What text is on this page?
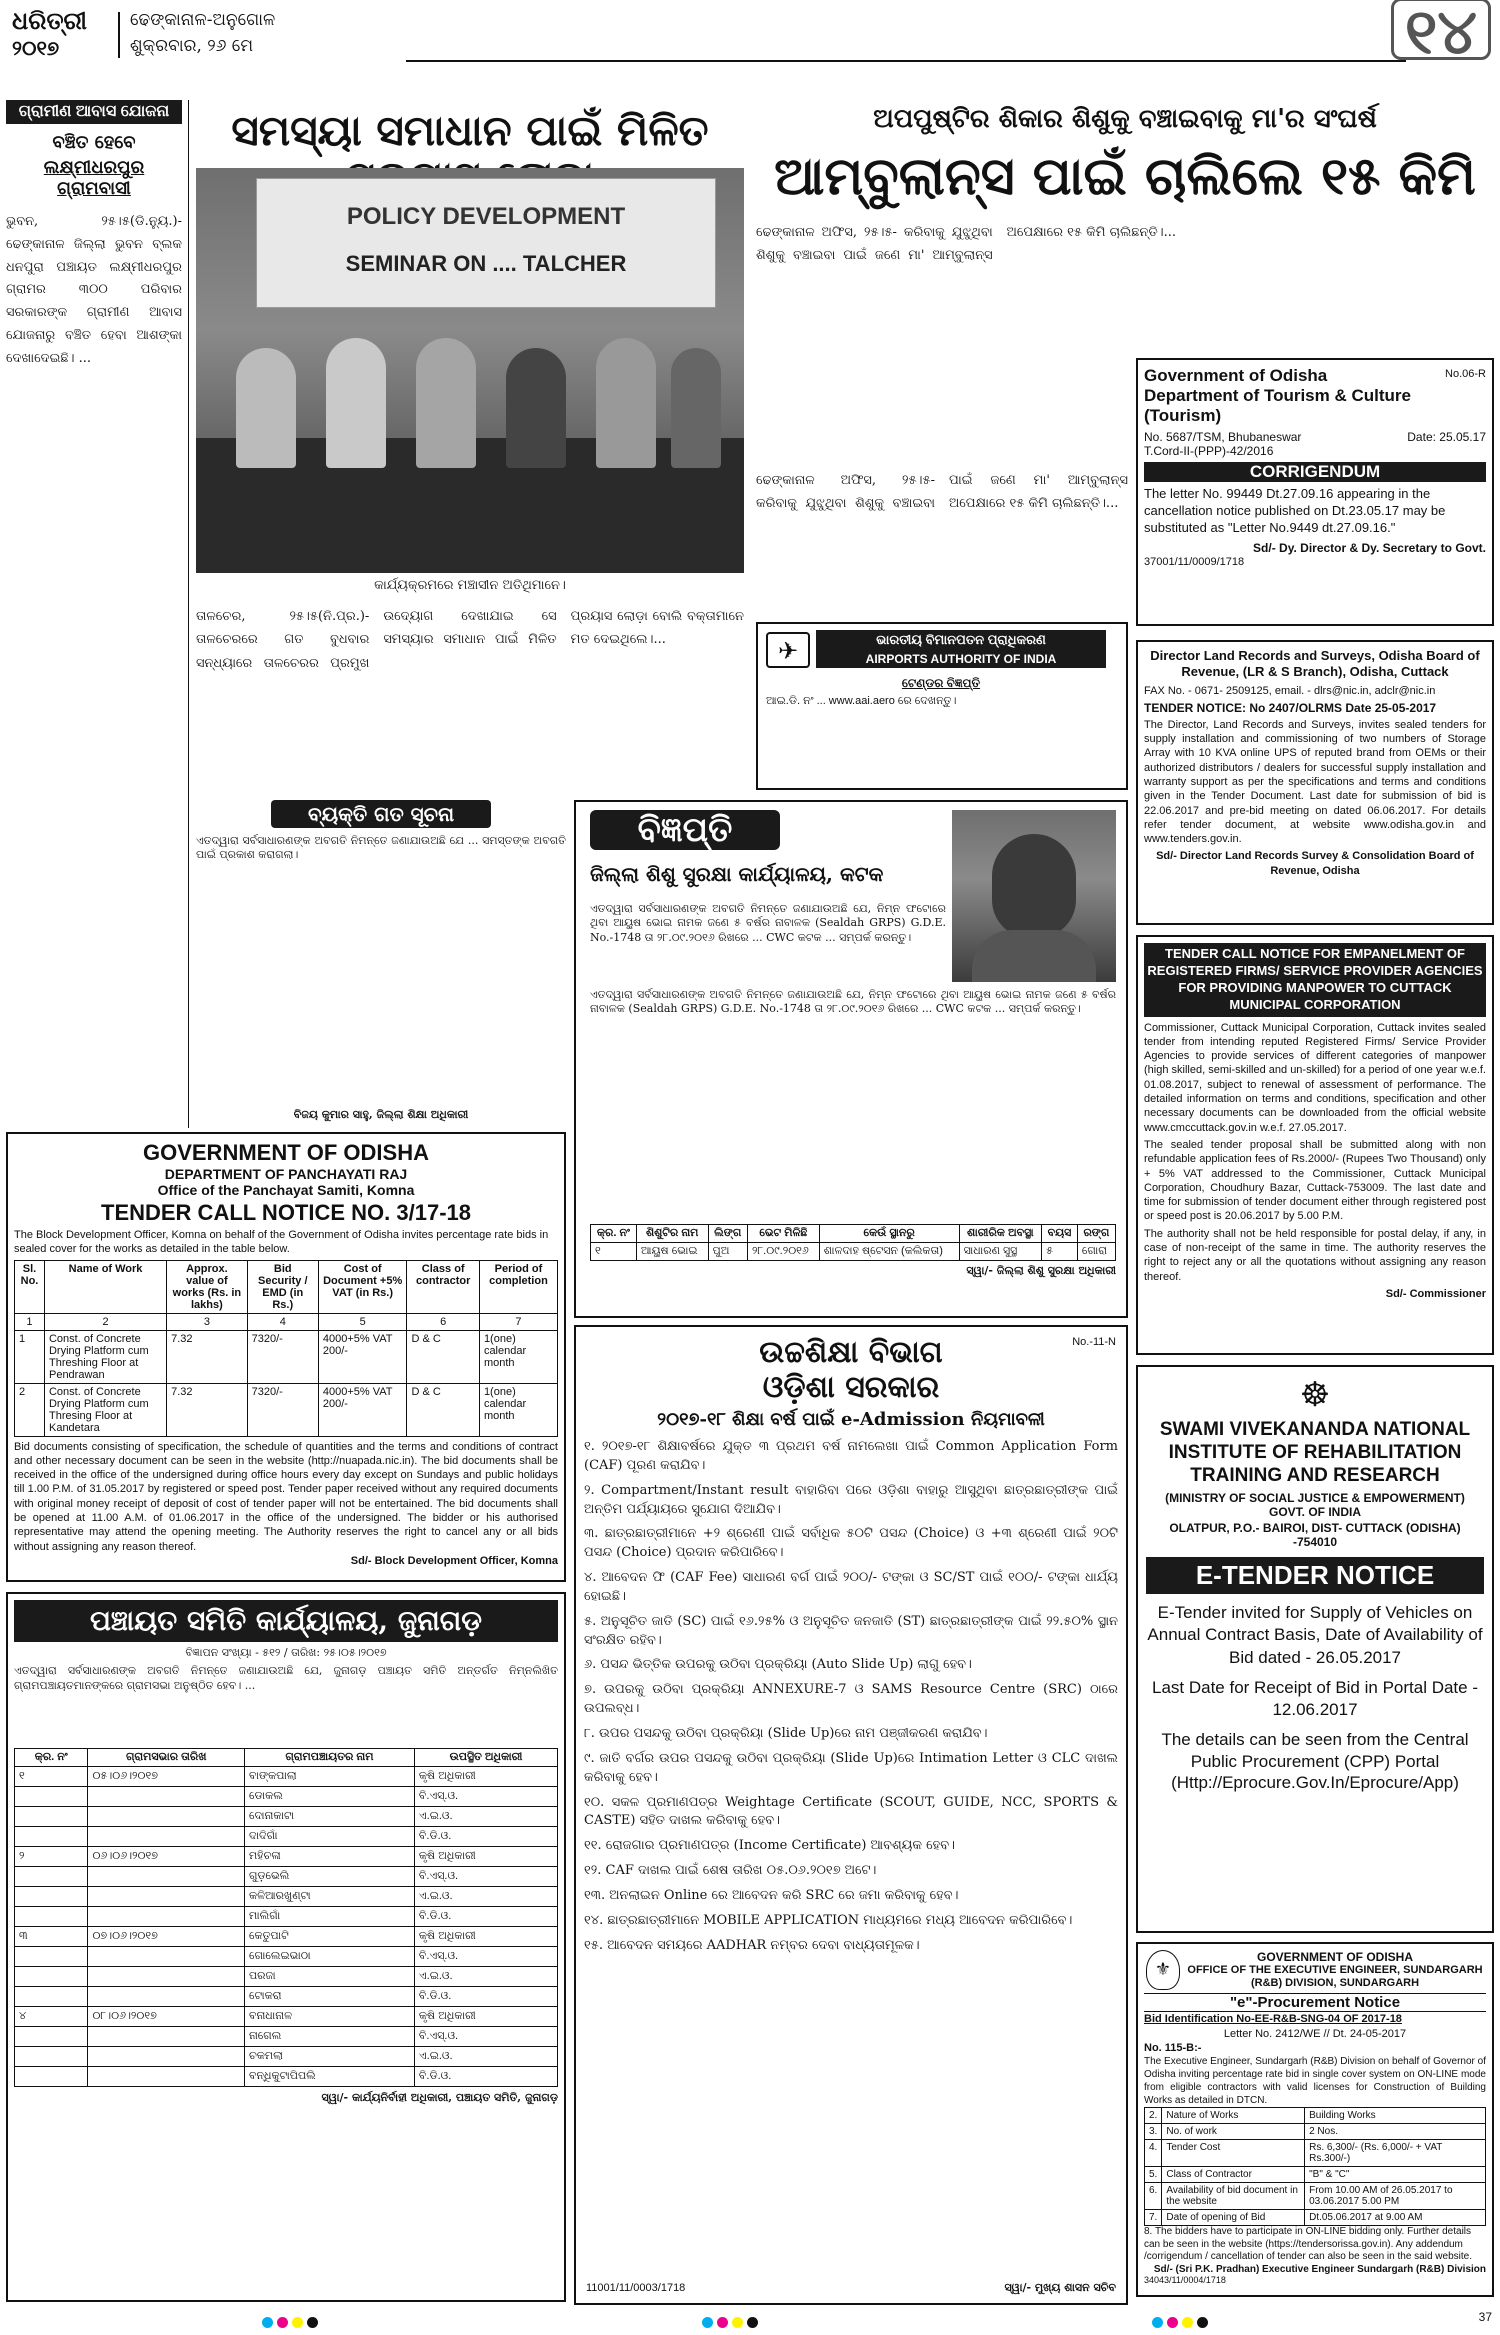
ଧରିତ୍ରୀ
୨୦୧୭
ଢେଙ୍କାନାଳ-ଅନୁଗୋଳ
ଶୁକ୍ରବାର, ୨୬ ମେ	୧୪
ଗ୍ରାମୀଣ ଆବାସ ଯୋଜନା
ବଞ୍ଚିତ ହେବେ
ଲକ୍ଷ୍ମୀଧରପୁର ଗ୍ରାମବାସୀ
ଭୁବନ, ୨୫।୫(ଡି.ନ୍ୟୁ.)- ଢେଙ୍କାନାଳ ଜିଲ୍ଲା ଭୁବନ ବ୍ଲକ ଧନପୁରା ପଞ୍ଚାୟତ ଲକ୍ଷ୍ମୀଧରପୁର ଗ୍ରାମର ୩୦୦ ପରିବାର ସରକାରଙ୍କ ଗ୍ରାମୀଣ ଆବାସ ଯୋଜନାରୁ ବଞ୍ଚିତ ହେବା ଆଶଙ୍କା ଦେଖାଦେଇଛି। ...
ସମସ୍ୟା ସମାଧାନ ପାଇଁ ମିଳିତ
POLICY DEVELOPMENT
SEMINAR ON .... TALCHER
କାର୍ଯ୍ୟକ୍ରମରେ ମଞ୍ଚାସୀନ ଅତିଥିମାନେ।
ତାଳଚେର, ୨୫।୫(ନି.ପ୍ର.)- ତାଳଚେରରେ ଗତ ବୁଧବାର ସନ୍ଧ୍ୟାରେ ତାଳଚେରର ପ୍ରମୁଖ ଉଦ୍ୟୋଗ ଦେଖାଯାଇ ସେ ସମସ୍ୟାର ସମାଧାନ ପାଇଁ ମିଳିତ ପ୍ରୟାସ ଲୋଡ଼ା ବୋଲି ବକ୍ତାମାନେ ମତ ଦେଇଥିଲେ।...
ଅପପୁଷ୍ଟିର ଶିକାର ଶିଶୁକୁ ବଞ୍ଚାଇବାକୁ ମା'ର ସଂଘର୍ଷ
ଆମ୍ବୁଲାନ୍ସ ପାଇଁ ଚାଲିଲେ ୧୫ କିମି
ଢେଙ୍କାନାଳ ଅଫିସ, ୨୫।୫- କରିବାକୁ ଯୁଝୁଥିବା ଶିଶୁକୁ ବଞ୍ଚାଇବା ପାଇଁ ଜଣେ ମା' ଆମ୍ବୁଲାନ୍ସ ଅପେକ୍ଷାରେ ୧୫ କିମି ଚାଲିଛନ୍ତି।...
ଢେଙ୍କାନାଳ ଅଫିସ, ୨୫।୫- କରିବାକୁ ଯୁଝୁଥିବା ଶିଶୁକୁ ବଞ୍ଚାଇବା ପାଇଁ ଜଣେ ମା' ଆମ୍ବୁଲାନ୍ସ ଅପେକ୍ଷାରେ ୧୫ କିମି ଚାଲିଛନ୍ତି।...
✈	ଭାରତୀୟ ବିମାନପତନ ପ୍ରାଧିକରଣ
AIRPORTS AUTHORITY OF INDIA
ଟେଣ୍ଡର ବିଜ୍ଞପ୍ତି
ଆଇ.ଡି. ନଂ ... www.aai.aero ରେ ଦେଖନ୍ତୁ।
Government of Odisha	No.06-R
Department of Tourism & Culture (Tourism)
No. 5687/TSM, Bhubaneswar	Date: 25.05.17
T.Cord-II-(PPP)-42/2016
CORRIGENDUM
The letter No. 99449 Dt.27.09.16 appearing in the cancellation notice published on Dt.23.05.17 may be substituted as "Letter No.9449 dt.27.09.16."
Sd/- Dy. Director & Dy. Secretary to Govt.
37001/11/0009/1718
Director Land Records and Surveys, Odisha Board of Revenue, (LR & S Branch), Odisha, Cuttack
FAX No. - 0671- 2509125, email. - dlrs@nic.in, adclr@nic.in
TENDER NOTICE: No 2407/OLRMS Date 25-05-2017
The Director, Land Records and Surveys, invites sealed tenders for supply installation and commissioning of two numbers of Storage Array with 10 KVA online UPS of reputed brand from OEMs or their authorized distributors / dealers for successful supply installation and warranty support as per the specifications and terms and conditions given in the Tender Document. Last date for submission of bid is 22.06.2017 and pre-bid meeting on dated 06.06.2017. For details refer tender document, at website www.odisha.gov.in and www.tenders.gov.in.
Sd/- Director Land Records Survey & Consolidation Board of Revenue, Odisha
TENDER CALL NOTICE FOR EMPANELMENT OF REGISTERED FIRMS/ SERVICE PROVIDER AGENCIES FOR PROVIDING MANPOWER TO CUTTACK MUNICIPAL CORPORATION
Commissioner, Cuttack Municipal Corporation, Cuttack invites sealed tender from intending reputed Registered Firms/ Service Provider Agencies to provide services of different categories of manpower (high skilled, semi-skilled and un-skilled) for a period of one year w.e.f. 01.08.2017, subject to renewal of assessment of performance. The detailed information on terms and conditions, specification and other necessary documents can be downloaded from the official website www.cmccuttack.gov.in w.e.f. 27.05.2017.
The sealed tender proposal shall be submitted along with non refundable application fees of Rs.2000/- (Rupees Two Thousand) only + 5% VAT addressed to the Commissioner, Cuttack Municipal Corporation, Choudhury Bazar, Cuttack-753009. The last date and time for submission of tender document either through registered post or speed post is 20.06.2017 by 5.00 P.M.
The authority shall not be held responsible for postal delay, if any, in case of non-receipt of the same in time. The authority reserves the right to reject any or all the quotations without assigning any reason thereof.
Sd/- Commissioner
ବ୍ୟକ୍ତି ଗତ ସୂଚନା
ଏତଦ୍ୱାରା ସର୍ବସାଧାରଣଙ୍କ ଅବଗତି ନିମନ୍ତେ ଜଣାଯାଉଅଛି ଯେ ... ସମସ୍ତଙ୍କ ଅବଗତି ପାଇଁ ପ୍ରକାଶ କରାଗଲା।
ବିଜୟ କୁମାର ସାହୁ, ଜିଲ୍ଲା ଶିକ୍ଷା ଅଧିକାରୀ
ବିଜ୍ଞପ୍ତି
ଜିଲ୍ଲା ଶିଶୁ ସୁରକ୍ଷା କାର୍ଯ୍ୟାଳୟ, କଟକ
ଏତଦ୍ୱାରା ସର୍ବସାଧାରଣଙ୍କ ଅବଗତି ନିମନ୍ତେ ଜଣାଯାଉଅଛି ଯେ, ନିମ୍ନ ଫଟୋରେ ଥିବା ଆୟୁଷ ଭୋଇ ନାମକ ଜଣେ ୫ ବର୍ଷର ନାବାଳକ (Sealdah GRPS) G.D.E. No.-1748 ତା ୨୮.୦୯.୨୦୧୬ ରିଖରେ ... CWC କଟକ ... ସମ୍ପର୍କ କରନ୍ତୁ।
ଏତଦ୍ୱାରା ସର୍ବସାଧାରଣଙ୍କ ଅବଗତି ନିମନ୍ତେ ଜଣାଯାଉଅଛି ଯେ, ନିମ୍ନ ଫଟୋରେ ଥିବା ଆୟୁଷ ଭୋଇ ନାମକ ଜଣେ ୫ ବର୍ଷର ନାବାଳକ (Sealdah GRPS) G.D.E. No.-1748 ତା ୨୮.୦୯.୨୦୧୬ ରିଖରେ ... CWC କଟକ ... ସମ୍ପର୍କ କରନ୍ତୁ।
କ୍ର. ନଂ	ଶିଶୁଟିର ନାମ	ଲିଙ୍ଗ	ଭେଟ ମିଳିଛି	କେଉଁ ସ୍ଥାନରୁ	ଶାରୀରିକ ଅବସ୍ଥା	ବୟସ	ରଙ୍ଗ
୧	ଆୟୁଷ ଭୋଇ	ପୁଅ	୨୮.୦୯.୨୦୧୬	ଶାଳଦାହ ଷ୍ଟେସନ (କଲିକତା)	ସାଧାରଣ ସୁସ୍ଥ	୫	ଗୋରା
ସ୍ୱା/- ଜିଲ୍ଲା ଶିଶୁ ସୁରକ୍ଷା ଅଧିକାରୀ
GOVERNMENT OF ODISHA
DEPARTMENT OF PANCHAYATI RAJ
Office of the Panchayat Samiti, Komna
TENDER CALL NOTICE NO. 3/17-18
The Block Development Officer, Komna on behalf of the Government of Odisha invites percentage rate bids in sealed cover for the works as detailed in the table below.
Sl. No.	Name of Work	Approx. value of works (Rs. in lakhs)	Bid Security / EMD (in Rs.)	Cost of Document +5% VAT (in Rs.)	Class of contractor	Period of completion
1	2	3	4	5	6	7
1	Const. of Concrete Drying Platform cum Threshing Floor at Pendrawan	7.32	7320/-	4000+5% VAT 200/-	D & C	1(one) calendar month
2	Const. of Concrete Drying Platform cum Thresing Floor at Kandetara	7.32	7320/-	4000+5% VAT 200/-	D & C	1(one) calendar month
Bid documents consisting of specification, the schedule of quantities and the terms and conditions of contract and other necessary document can be seen in the website (http://nuapada.nic.in). The bid documents shall be received in the office of the undersigned during office hours every day except on Sundays and public holidays till 1.00 P.M. of 31.05.2017 by registered or speed post. Tender paper received without any required documents with original money receipt of deposit of cost of tender paper will not be entertained. The bid documents shall be opened at 11.00 A.M. of 01.06.2017 in the office of the undersigned. The bidder or his authorised representative may attend the opening meeting. The Authority reserves the right to cancel any or all bids without assigning any reason thereof.
Sd/- Block Development Officer, Komna
ପଞ୍ଚାୟତ ସମିତି କାର୍ଯ୍ୟାଳୟ, ଜୁନାଗଡ଼
ବିଜ୍ଞାପନ ସଂଖ୍ୟା - ୫୧୨ / ତାରିଖ: ୨୫।୦୫।୨୦୧୭
ଏତଦ୍ୱାରା ସର୍ବସାଧାରଣଙ୍କ ଅବଗତି ନିମନ୍ତେ ଜଣାଯାଉଅଛି ଯେ, ଜୁନାଗଡ଼ ପଞ୍ଚାୟତ ସମିତି ଅନ୍ତର୍ଗତ ନିମ୍ନଲିଖିତ ଗ୍ରାମପଞ୍ଚାୟତମାନଙ୍କରେ ଗ୍ରାମସଭା ଅନୁଷ୍ଠିତ ହେବ। ...
କ୍ର. ନଂ	ଗ୍ରାମସଭାର ତାରିଖ	ଗ୍ରାମପଞ୍ଚାୟତର ନାମ	ଉପସ୍ଥିତ ଅଧିକାରୀ
୧	୦୫।୦୬।୨୦୧୭	ବାଙ୍କପାଲା	କୃଷି ଅଧିକାରୀ
		ଡୋକଲ	ବି.ଏସ୍.ଓ.
		ଦୋନାକାଟା	ଏ.ଇ.ଓ.
		ଦାଦିଗାଁ	ବି.ଡି.ଓ.
୨	୦୬।୦୬।୨୦୧୭	ମହିଚଳା	କୃଷି ଅଧିକାରୀ
		ଗୁଡ଼ଭେଲି	ବି.ଏସ୍.ଓ.
		କଳିଆରଖୁଣ୍ଟା	ଏ.ଇ.ଓ.
		ମାଲିଗାଁ	ବି.ଡି.ଓ.
୩	୦୭।୦୬।୨୦୧୭	କେତୁପାଟି	କୃଷି ଅଧିକାରୀ
		ଗୋଲେଇଭାଠା	ବି.ଏସ୍.ଓ.
		ପରଜା	ଏ.ଇ.ଓ.
		ଟୋକରା	ବି.ଡି.ଓ.
୪	୦୮।୦୬।୨୦୧୭	ବନାଧାନାଳ	କୃଷି ଅଧିକାରୀ
		ନାଗେଲ	ବି.ଏସ୍.ଓ.
		ଚକମଲା	ଏ.ଇ.ଓ.
		ବନ୍ଧିକୁଟାପିପଲି	ବି.ଡି.ଓ.
ସ୍ୱା/- କାର୍ଯ୍ୟନିର୍ବାହୀ ଅଧିକାରୀ, ପଞ୍ଚାୟତ ସମିତି, ଜୁନାଗଡ଼
No.-11-N
ଉଚ୍ଚଶିକ୍ଷା ବିଭାଗ
ଓଡ଼ିଶା ସରକାର
୨୦୧୭-୧୮ ଶିକ୍ଷା ବର୍ଷ ପାଇଁ e-Admission ନିୟମାବଳୀ
୧. ୨୦୧୭-୧୮ ଶିକ୍ଷାବର୍ଷରେ ଯୁକ୍ତ ୩ ପ୍ରଥମ ବର୍ଷ ନାମଲେଖା ପାଇଁ Common Application Form (CAF) ପୂରଣ କରାଯିବ।
୨. Compartment/Instant result ବାହାରିବା ପରେ ଓଡ଼ିଶା ବାହାରୁ ଆସୁଥିବା ଛାତ୍ରଛାତ୍ରୀଙ୍କ ପାଇଁ ଅନ୍ତିମ ପର୍ଯ୍ୟାୟରେ ସୁଯୋଗ ଦିଆଯିବ।
୩. ଛାତ୍ରଛାତ୍ରୀମାନେ +୨ ଶ୍ରେଣୀ ପାଇଁ ସର୍ବାଧିକ ୫୦ଟି ପସନ୍ଦ (Choice) ଓ +୩ ଶ୍ରେଣୀ ପାଇଁ ୨୦ଟି ପସନ୍ଦ (Choice) ପ୍ରଦାନ କରିପାରିବେ।
୪. ଆବେଦନ ଫି (CAF Fee) ସାଧାରଣ ବର୍ଗ ପାଇଁ ୨୦୦/- ଟଙ୍କା ଓ SC/ST ପାଇଁ ୧୦୦/- ଟଙ୍କା ଧାର୍ଯ୍ୟ ହୋଇଛି।
୫. ଅନୁସୂଚିତ ଜାତି (SC) ପାଇଁ ୧୬.୨୫% ଓ ଅନୁସୂଚିତ ଜନଜାତି (ST) ଛାତ୍ରଛାତ୍ରୀଙ୍କ ପାଇଁ ୨୨.୫୦% ସ୍ଥାନ ସଂରକ୍ଷିତ ରହିବ।
୬. ପସନ୍ଦ ଭିତ୍ତିକ ଉପରକୁ ଉଠିବା ପ୍ରକ୍ରିୟା (Auto Slide Up) ଲାଗୁ ହେବ।
୭. ଉପରକୁ ଉଠିବା ପ୍ରକ୍ରିୟା ANNEXURE-7 ଓ SAMS Resource Centre (SRC) ଠାରେ ଉପଲବ୍ଧ।
୮. ଉପର ପସନ୍ଦକୁ ଉଠିବା ପ୍ରକ୍ରିୟା (Slide Up)ରେ ନାମ ପଞ୍ଜୀକରଣ କରାଯିବ।
୯. ଜାତି ବର୍ଗର ଉପର ପସନ୍ଦକୁ ଉଠିବା ପ୍ରକ୍ରିୟା (Slide Up)ରେ Intimation Letter ଓ CLC ଦାଖଲ କରିବାକୁ ହେବ।
୧୦. ସକଳ ପ୍ରମାଣପତ୍ର Weightage Certificate (SCOUT, GUIDE, NCC, SPORTS & CASTE) ସହିତ ଦାଖଲ କରିବାକୁ ହେବ।
୧୧. ରୋଜଗାର ପ୍ରମାଣପତ୍ର (Income Certificate) ଆବଶ୍ୟକ ହେବ।
୧୨. CAF ଦାଖଲ ପାଇଁ ଶେଷ ତାରିଖ ୦୫.୦୬.୨୦୧୭ ଅଟେ।
୧୩. ଅନଲାଇନ Online ରେ ଆବେଦନ କରି SRC ରେ ଜମା କରିବାକୁ ହେବ।
୧୪. ଛାତ୍ରଛାତ୍ରୀମାନେ MOBILE APPLICATION ମାଧ୍ୟମରେ ମଧ୍ୟ ଆବେଦନ କରିପାରିବେ।
୧୫. ଆବେଦନ ସମୟରେ AADHAR ନମ୍ବର ଦେବା ବାଧ୍ୟତାମୂଳକ।
11001/11/0003/1718	ସ୍ୱା/- ମୁଖ୍ୟ ଶାସନ ସଚିବ
☸
SWAMI VIVEKANANDA NATIONAL INSTITUTE OF REHABILITATION TRAINING AND RESEARCH
(MINISTRY OF SOCIAL JUSTICE & EMPOWERMENT) GOVT. OF INDIA
OLATPUR, P.O.- BAIROI, DIST- CUTTACK (ODISHA) -754010
E-TENDER NOTICE
E-Tender invited for Supply of Vehicles on Annual Contract Basis, Date of Availability of Bid dated - 26.05.2017
Last Date for Receipt of Bid in Portal Date - 12.06.2017
The details can be seen from the Central Public Procurement (CPP) Portal
(Http://Eprocure.Gov.In/Eprocure/App)
⚜
GOVERNMENT OF ODISHA
OFFICE OF THE EXECUTIVE ENGINEER, SUNDARGARH (R&B) DIVISION, SUNDARGARH
"e"-Procurement Notice
Bid Identification No-EE-R&B-SNG-04 OF 2017-18
Letter No. 2412/WE // Dt. 24-05-2017
No. 115-B:-
The Executive Engineer, Sundargarh (R&B) Division on behalf of Governor of Odisha inviting percentage rate bid in single cover system on ON-LINE mode from eligible contractors with valid licenses for Construction of Building Works as detailed in DTCN.
2.	Nature of Works	Building Works
3.	No. of work	2 Nos.
4.	Tender Cost	Rs. 6,300/- (Rs. 6,000/- + VAT Rs.300/-)
5.	Class of Contractor	"B" & "C"
6.	Availability of bid document in the website	From 10.00 AM of 26.05.2017 to 03.06.2017 5.00 PM
7.	Date of opening of Bid	Dt.05.06.2017 at 9.00 AM
8. The bidders have to participate in ON-LINE bidding only. Further details can be seen in the website (https://tendersorissa.gov.in). Any addendum /corrigendum / cancellation of tender can also be seen in the said website.
Sd/- (Sri P.K. Pradhan) Executive Engineer Sundargarh (R&B) Division
34043/11/0004/1718
37
